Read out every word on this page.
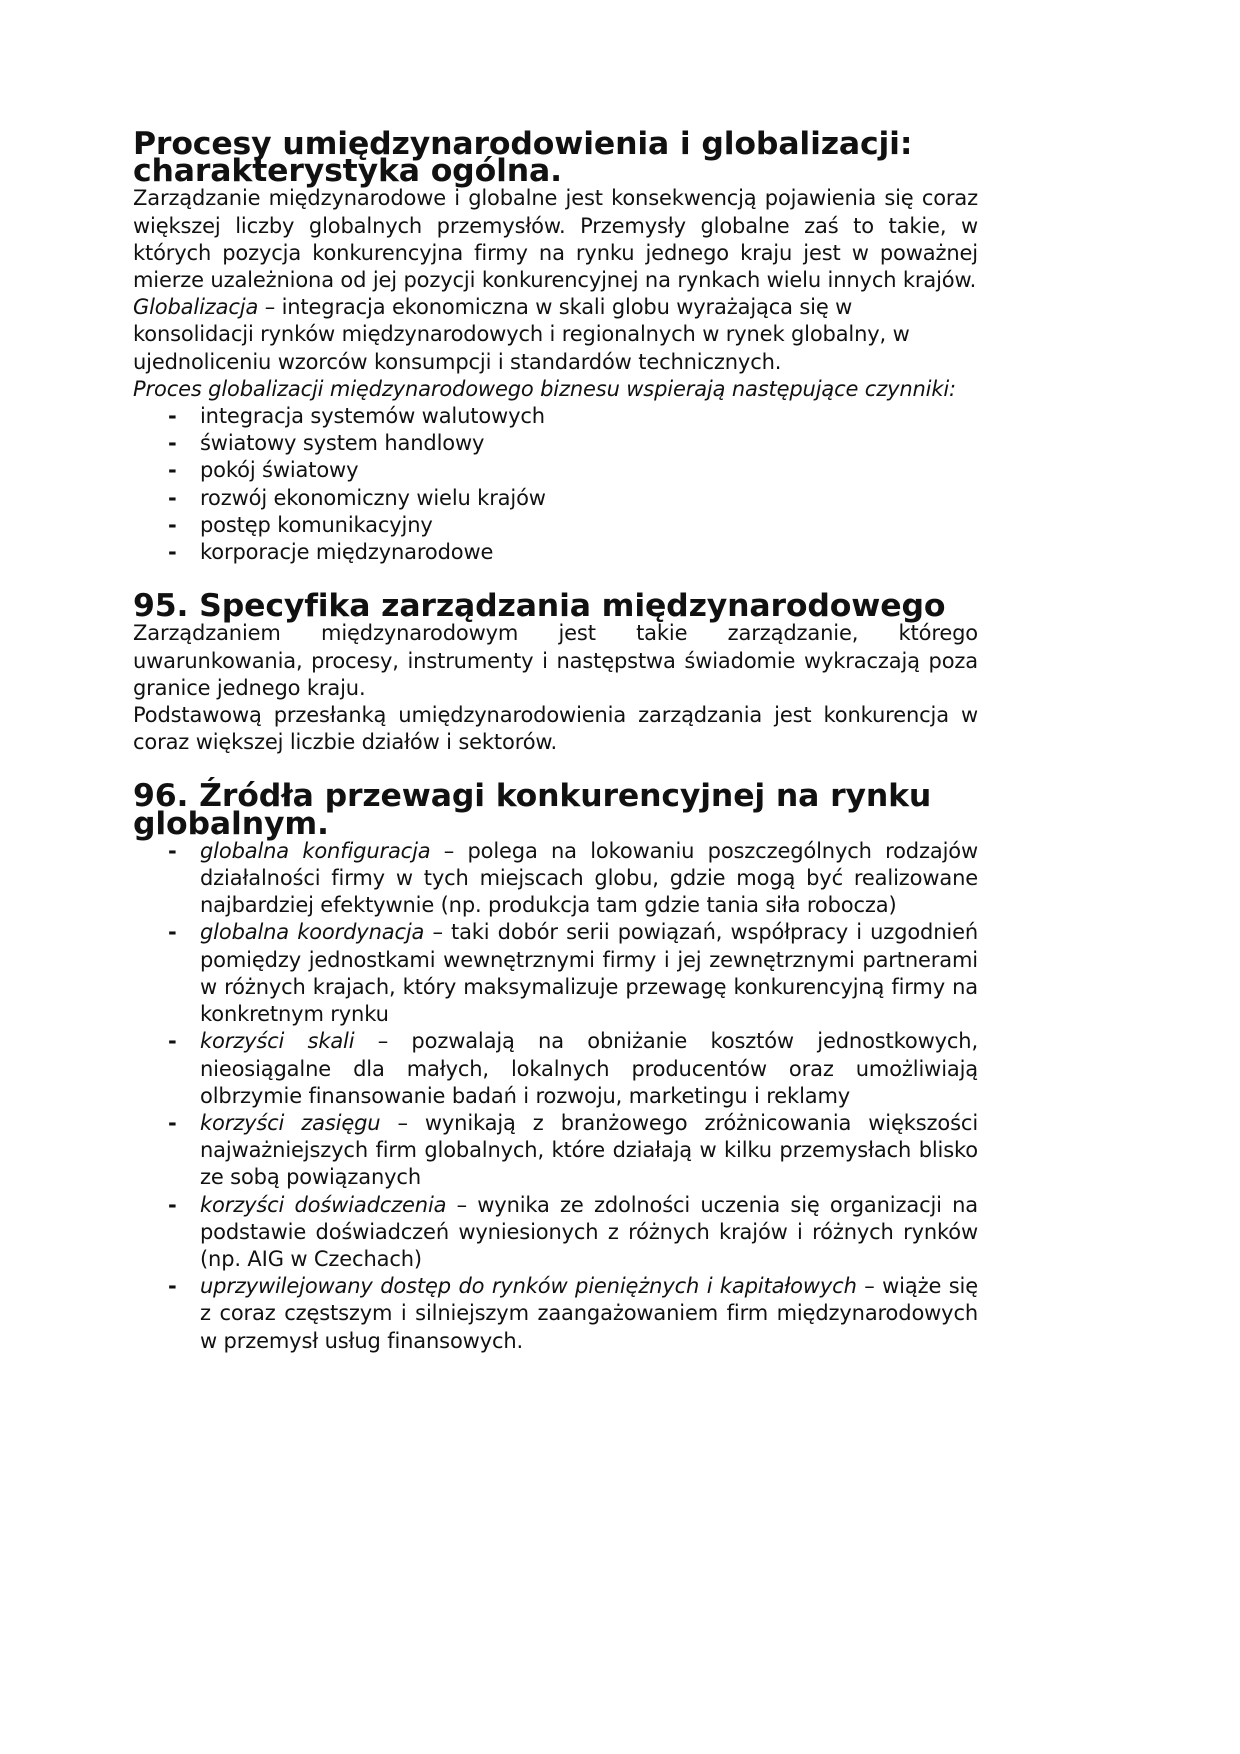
Procesy umiędzynarodowienia i globalizacji: charakterystyka ogólna.

Zarządzanie międzynarodowe i globalne jest konsekwencją pojawienia się coraz większej liczby globalnych przemysłów. Przemysły globalne zaś to takie, w których pozycja konkurencyjna firmy na rynku jednego kraju jest w poważnej mierze uzależniona od jej pozycji konkurencyjnej na rynkach wielu innych krajów.

Globalizacja – integracja ekonomiczna w skali globu wyrażająca się w konsolidacji rynków międzynarodowych i regionalnych w rynek globalny, w ujednoliceniu wzorców konsumpcji i standardów technicznych.

Proces globalizacji międzynarodowego biznesu wspierają następujące czynniki:

- integracja systemów walutowych
- światowy system handlowy
- pokój światowy
- rozwój ekonomiczny wielu krajów
- postęp komunikacyjny
- korporacje międzynarodowe
95. Specyfika zarządzania międzynarodowego

Zarządzaniem międzynarodowym jest takie zarządzanie, którego uwarunkowania, procesy, instrumenty i następstwa świadomie wykraczają poza granice jednego kraju.

Podstawową przesłanką umiędzynarodowienia zarządzania jest konkurencja w coraz większej liczbie działów i sektorów.

96. Źródła przewagi konkurencyjnej na rynku globalnym.
- globalna konfiguracja – polega na lokowaniu poszczególnych rodzajów działalności firmy w tych miejscach globu, gdzie mogą być realizowane najbardziej efektywnie (np. produkcja tam gdzie tania siła robocza)
- globalna koordynacja – taki dobór serii powiązań, współpracy i uzgodnień pomiędzy jednostkami wewnętrznymi firmy i jej zewnętrznymi partnerami w różnych krajach, który maksymalizuje przewagę konkurencyjną firmy na konkretnym rynku
- korzyści skali – pozwalają na obniżanie kosztów jednostkowych, nieosiągalne dla małych, lokalnych producentów oraz umożliwiają olbrzymie finansowanie badań i rozwoju, marketingu i reklamy
- korzyści zasięgu – wynikają z branżowego zróżnicowania większości najważniejszych firm globalnych, które działają w kilku przemysłach blisko ze sobą powiązanych
- korzyści doświadczenia – wynika ze zdolności uczenia się organizacji na podstawie doświadczeń wyniesionych z różnych krajów i różnych rynków (np. AIG w Czechach)
- uprzywilejowany dostęp do rynków pieniężnych i kapitałowych – wiąże się z coraz częstszym i silniejszym zaangażowaniem firm międzynarodowych w przemysł usług finansowych.
